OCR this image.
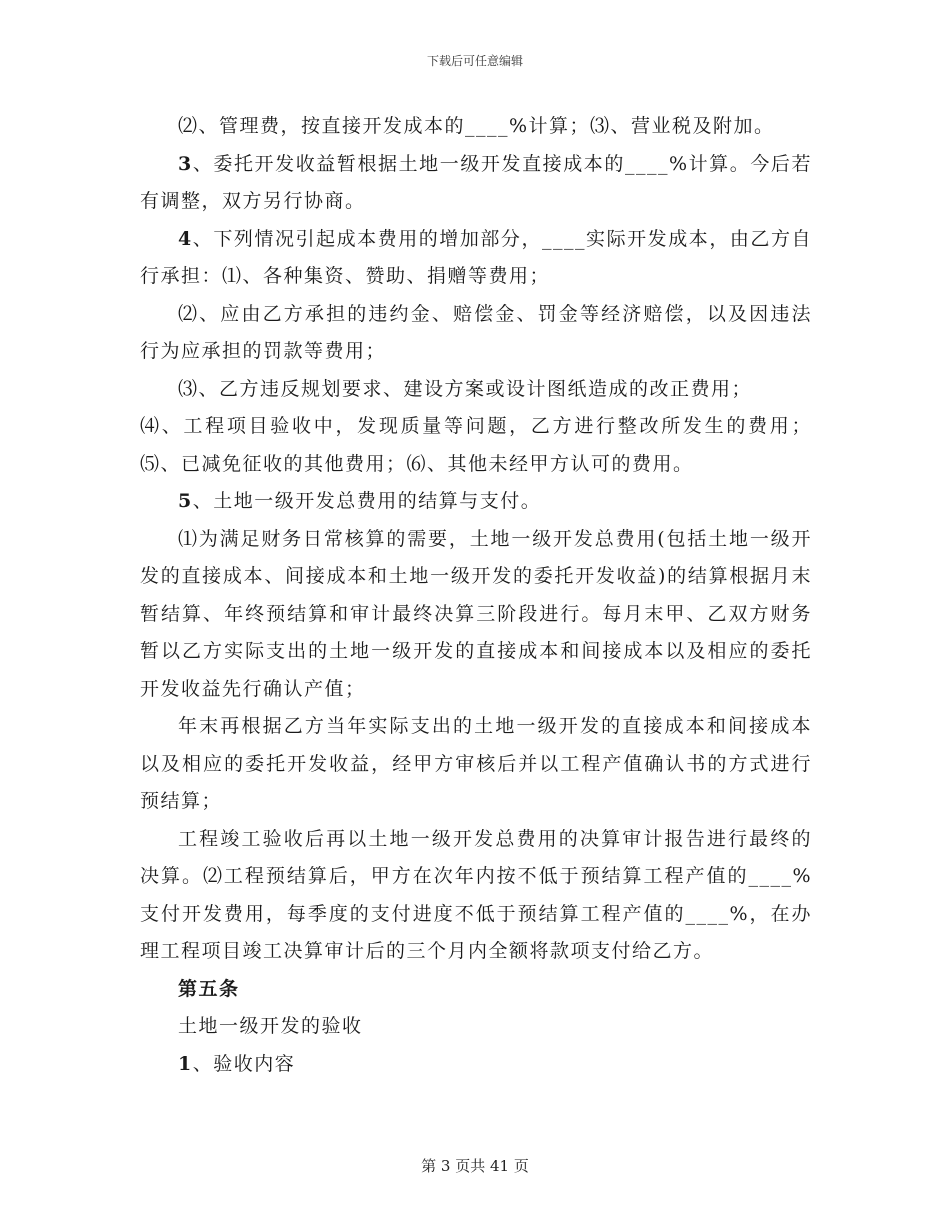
下载后可任意编辑

⑵、管理费，按直接开发成本的____%计算；⑶、营业税及附加。

3、委托开发收益暂根据土地一级开发直接成本的____%计算。今后若有调整，双方另行协商。

4、下列情况引起成本费用的增加部分，____实际开发成本，由乙方自行承担：⑴、各种集资、赞助、捐赠等费用；

⑵、应由乙方承担的违约金、赔偿金、罚金等经济赔偿，以及因违法行为应承担的罚款等费用；

⑶、乙方违反规划要求、建设方案或设计图纸造成的改正费用；

⑷、工程项目验收中，发现质量等问题，乙方进行整改所发生的费用；⑸、已减免征收的其他费用；⑹、其他未经甲方认可的费用。

5、土地一级开发总费用的结算与支付。

⑴为满足财务日常核算的需要，土地一级开发总费用(包括土地一级开发的直接成本、间接成本和土地一级开发的委托开发收益)的结算根据月末暂结算、年终预结算和审计最终决算三阶段进行。每月末甲、乙双方财务暂以乙方实际支出的土地一级开发的直接成本和间接成本以及相应的委托开发收益先行确认产值；

年末再根据乙方当年实际支出的土地一级开发的直接成本和间接成本以及相应的委托开发收益，经甲方审核后并以工程产值确认书的方式进行预结算；

工程竣工验收后再以土地一级开发总费用的决算审计报告进行最终的决算。⑵工程预结算后，甲方在次年内按不低于预结算工程产值的____%支付开发费用，每季度的支付进度不低于预结算工程产值的____%，在办理工程项目竣工决算审计后的三个月内全额将款项支付给乙方。

第五条

土地一级开发的验收

1、验收内容

第 3 页共 41 页
